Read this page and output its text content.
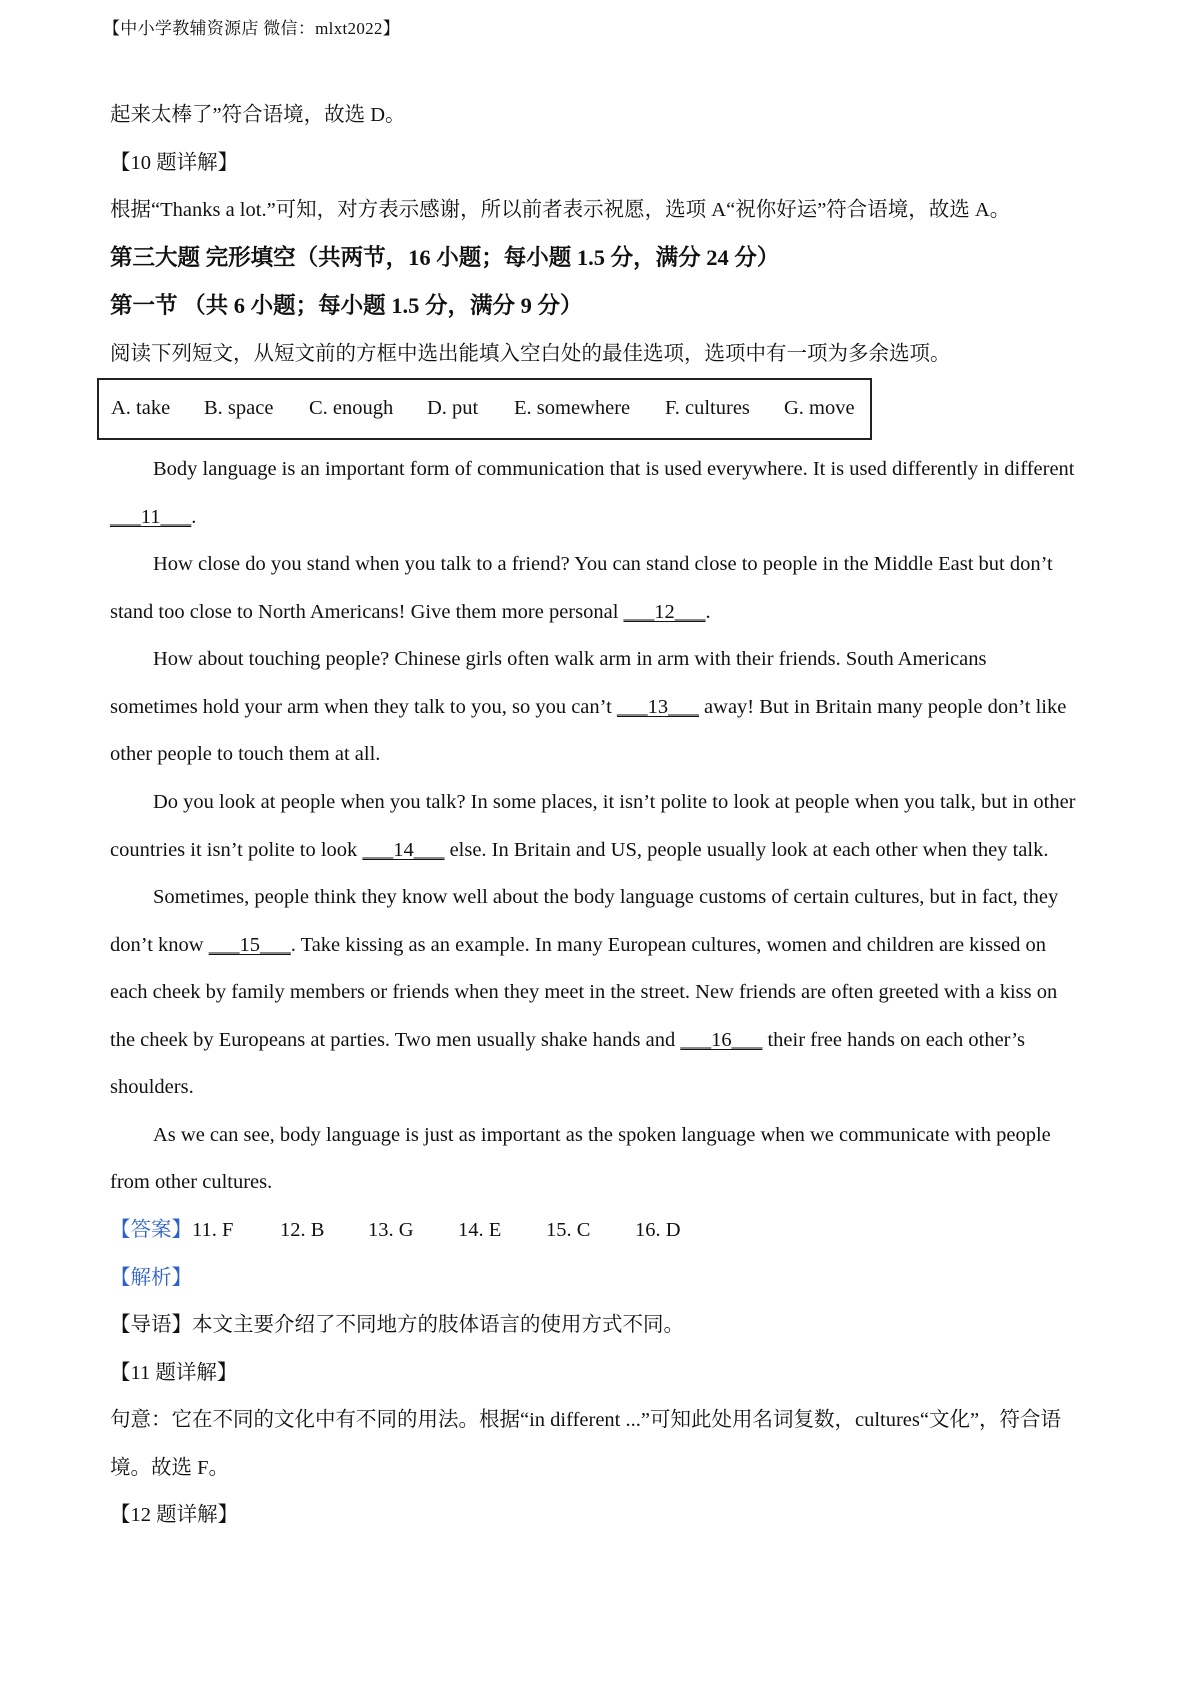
【中小学教辅资源店 微信：mlxt2022】
起来太棒了”符合语境，故选 D。
【10 题详解】
根据“Thanks a lot.”可知，对方表示感谢，所以前者表示祝愿，选项 A“祝你好运”符合语境，故选 A。
第三大题 完形填空（共两节，16 小题；每小题 1.5 分，满分 24 分）
第一节 （共 6 小题；每小题 1.5 分，满分 9 分）
阅读下列短文，从短文前的方框中选出能填入空白处的最佳选项，选项中有一项为多余选项。
A. take B. space C. enough D. put E. somewhere F. cultures G. move
Body language is an important form of communication that is used everywhere. It is used differently in different
___11___.
How close do you stand when you talk to a friend? You can stand close to people in the Middle East but don’t
stand too close to North Americans! Give them more personal ___12___.
How about touching people? Chinese girls often walk arm in arm with their friends. South Americans
sometimes hold your arm when they talk to you, so you can’t ___13___ away! But in Britain many people don’t like
other people to touch them at all.
Do you look at people when you talk? In some places, it isn’t polite to look at people when you talk, but in other
countries it isn’t polite to look ___14___ else. In Britain and US, people usually look at each other when they talk.
Sometimes, people think they know well about the body language customs of certain cultures, but in fact, they
don’t know ___15___. Take kissing as an example. In many European cultures, women and children are kissed on
each cheek by family members or friends when they meet in the street. New friends are often greeted with a kiss on
the cheek by Europeans at parties. Two men usually shake hands and ___16___ their free hands on each other’s
shoulders.
As we can see, body language is just as important as the spoken language when we communicate with people
from other cultures.
【答案】11. F 12. B 13. G 14. E 15. C 16. D
【解析】
【导语】本文主要介绍了不同地方的肢体语言的使用方式不同。
【11 题详解】
句意：它在不同的文化中有不同的用法。根据“in different ...”可知此处用名词复数，cultures“文化”，符合语
境。故选 F。
【12 题详解】
